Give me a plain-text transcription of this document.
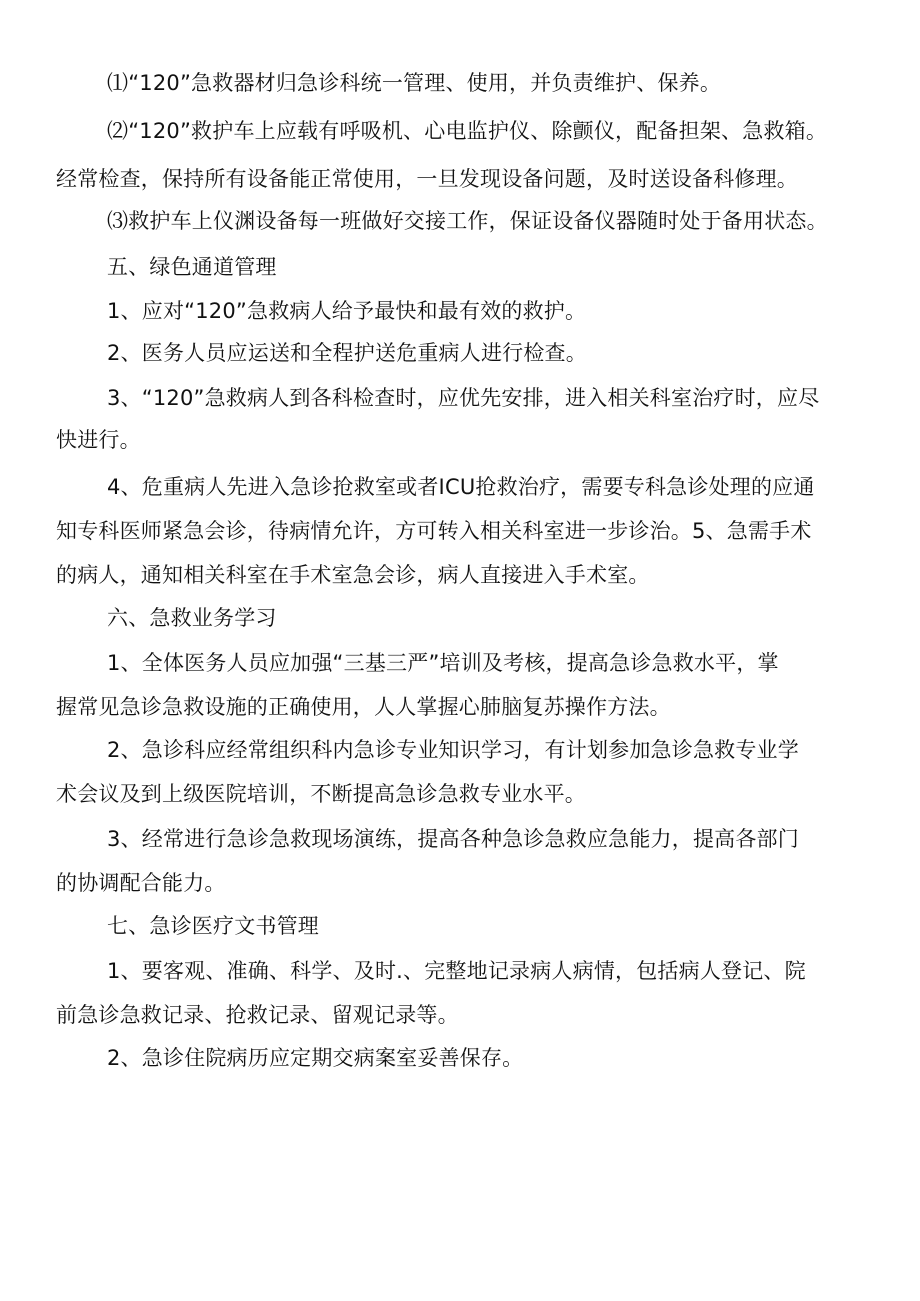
⑴“120”急救器材归急诊科统一管理、使用，并负责维护、保养。
⑵“120”救护车上应载有呼吸机、心电监护仪、除颤仪，配备担架、急救箱。
经常检查，保持所有设备能正常使用，一旦发现设备问题，及时送设备科修理。
⑶救护车上仪渊设备每一班做好交接工作，保证设备仪器随时处于备用状态。
五、绿色通道管理
1、应对“120”急救病人给予最快和最有效的救护。
2、医务人员应运送和全程护送危重病人进行检查。
3、“120”急救病人到各科检查时，应优先安排，进入相关科室治疗时，应尽
快进行。
4、危重病人先进入急诊抢救室或者ICU抢救治疗，需要专科急诊处理的应通
知专科医师紧急会诊，待病情允许，方可转入相关科室进一步诊治。5、急需手术
的病人，通知相关科室在手术室急会诊，病人直接进入手术室。
六、急救业务学习
1、全体医务人员应加强“三基三严”培训及考核，提高急诊急救水平，掌
握常见急诊急救设施的正确使用，人人掌握心肺脑复苏操作方法。
2、急诊科应经常组织科内急诊专业知识学习，有计划参加急诊急救专业学
术会议及到上级医院培训，不断提高急诊急救专业水平。
3、经常进行急诊急救现场演练，提高各种急诊急救应急能力，提高各部门
的协调配合能力。
七、急诊医疗文书管理
1、要客观、准确、科学、及时.、完整地记录病人病情，包括病人登记、院
前急诊急救记录、抢救记录、留观记录等。
2、急诊住院病历应定期交病案室妥善保存。
